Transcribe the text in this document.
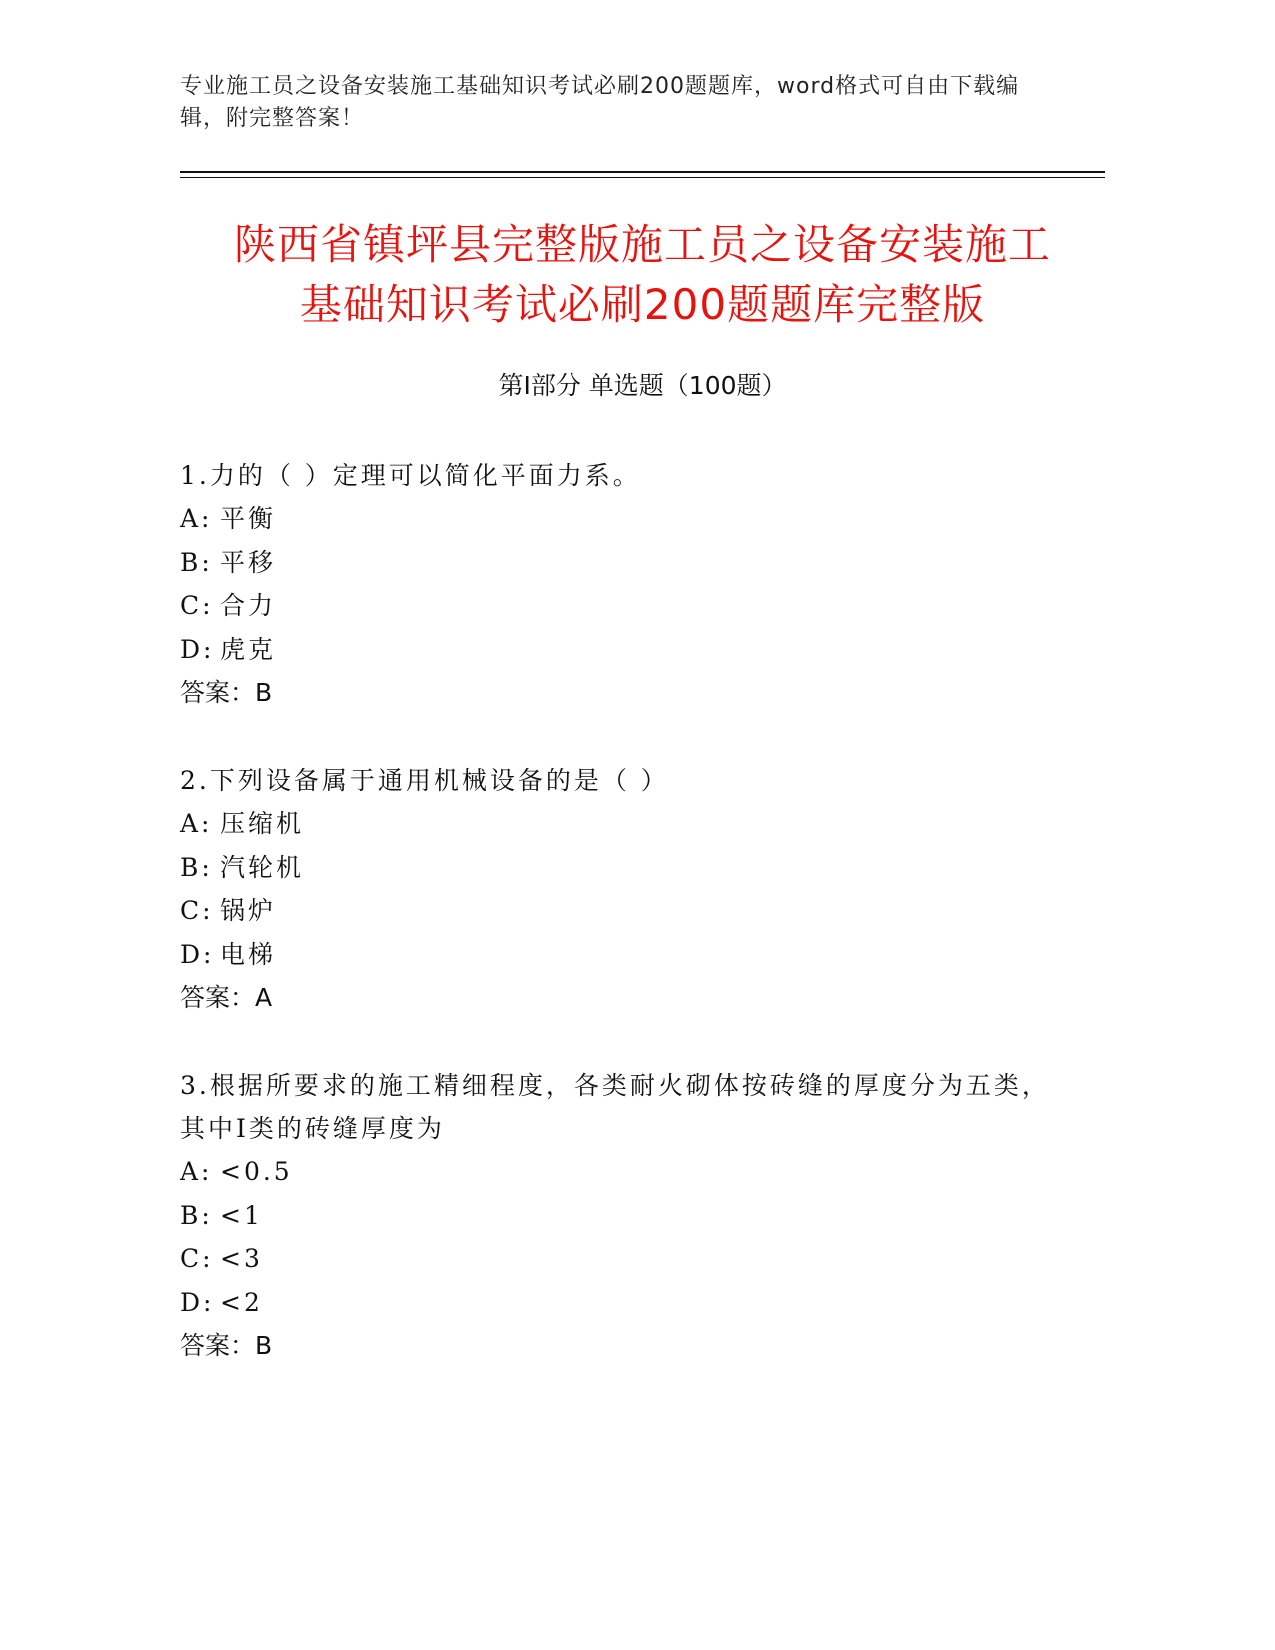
专业施工员之设备安装施工基础知识考试必刷200题题库，word格式可自由下载编辑，附完整答案！
陕西省镇坪县完整版施工员之设备安装施工
基础知识考试必刷200题题库完整版
第Ⅰ部分 单选题（100题）
1.力的（ ）定理可以简化平面力系。
A: 平衡
B: 平移
C: 合力
D: 虎克
答案：B
2.下列设备属于通用机械设备的是（ ）
A: 压缩机
B: 汽轮机
C: 锅炉
D: 电梯
答案：A
3.根据所要求的施工精细程度，各类耐火砌体按砖缝的厚度分为五类，其中Ⅰ类的砖缝厚度为
A: <0.5
B: <1
C: <3
D: <2
答案：B
